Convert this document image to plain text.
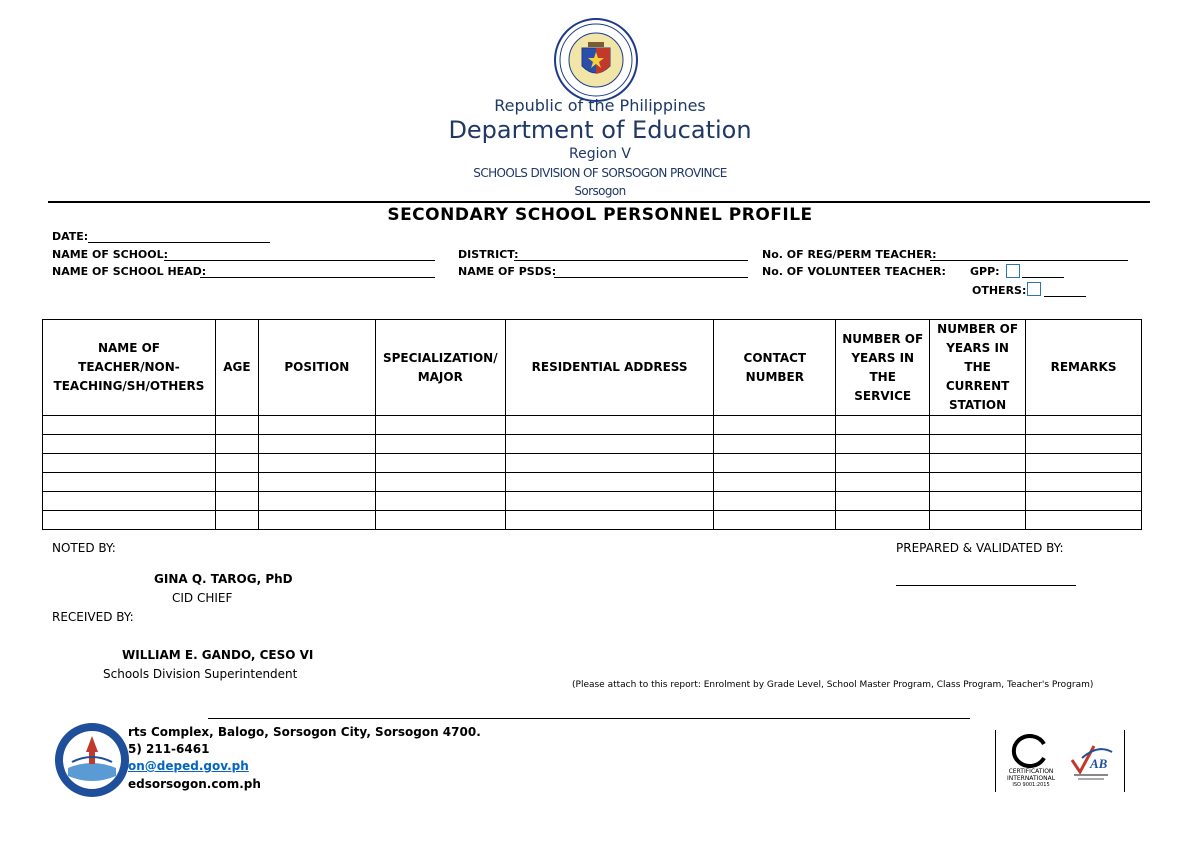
Republic of the Philippines
Department of Education
Region V
SCHOOLS DIVISION OF SORSOGON PROVINCE
Sorsogon
SECONDARY SCHOOL PERSONNEL PROFILE
DATE:
NAME OF SCHOOL:	DISTRICT:	No. OF REG/PERM TEACHER:
NAME OF SCHOOL HEAD:	NAME OF PSDS:	No. OF VOLUNTEER TEACHER: GPP:
OTHERS:
NAME OF TEACHER/NON-TEACHING/SH/OTHERS	AGE	POSITION	SPECIALIZATION/ MAJOR	RESIDENTIAL ADDRESS	CONTACT NUMBER	NUMBER OF YEARS IN THE SERVICE	NUMBER OF YEARS IN THE CURRENT STATION	REMARKS

NOTED BY:
GINA Q. TAROG, PhD
CID CHIEF
RECEIVED BY:
WILLIAM E. GANDO, CESO VI
Schools Division Superintendent
PREPARED & VALIDATED BY:
(Please attach to this report: Enrolment by Grade Level, School Master Program, Class Program, Teacher's Program)
rts Complex, Balogo, Sorsogon City, Sorsogon 4700.
5) 211-6461
on@deped.gov.ph
edsorsogon.com.ph
CERTIFICATION INTERNATIONAL
ISO 9001:2015
AB
